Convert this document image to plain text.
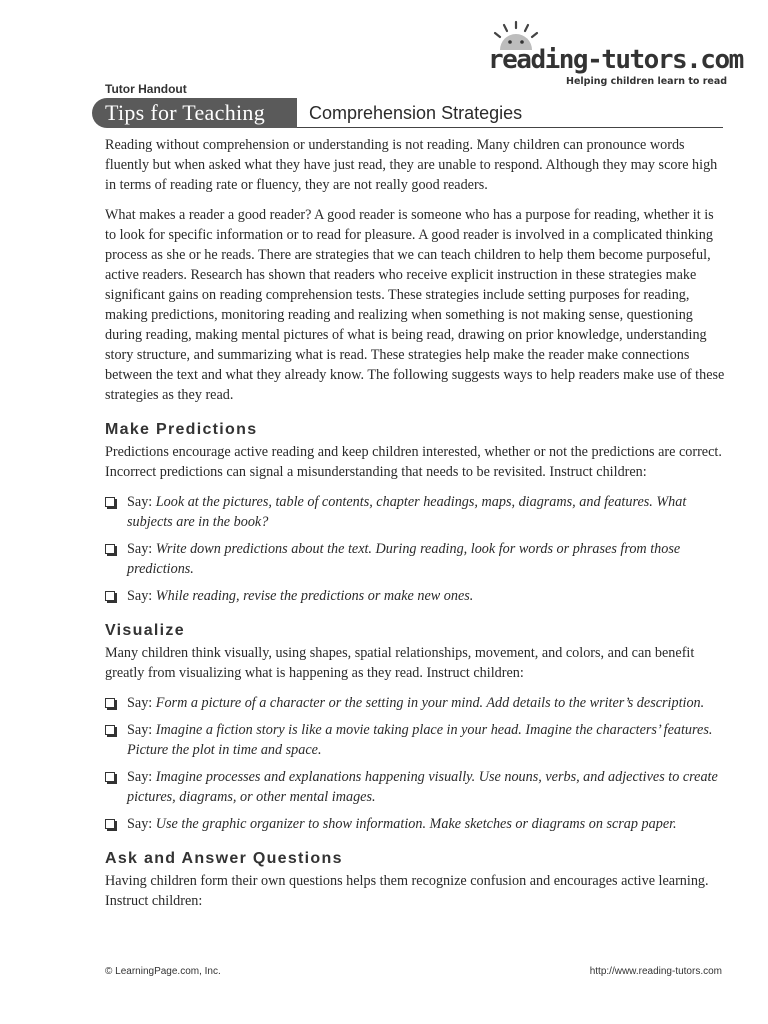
reading-tutors.com
Helping children learn to read
Tutor Handout
Tips for Teaching Comprehension Strategies

Reading without comprehension or understanding is not reading. Many children can pronounce words fluently but when asked what they have just read, they are unable to respond. Although they may score high in terms of reading rate or fluency, they are not really good readers.

What makes a reader a good reader? A good reader is someone who has a purpose for reading, whether it is to look for specific information or to read for pleasure. A good reader is involved in a complicated thinking process as she or he reads. There are strategies that we can teach children to help them become purposeful, active readers. Research has shown that readers who receive explicit instruction in these strategies make significant gains on reading comprehension tests. These strategies include setting purposes for reading, making predictions, monitoring reading and realizing when something is not making sense, questioning during reading, making mental pictures of what is being read, drawing on prior knowledge, understanding story structure, and summarizing what is read. These strategies help make the reader make connections between the text and what they already know. The following suggests ways to help readers make use of these strategies as they read.

Make Predictions

Predictions encourage active reading and keep children interested, whether or not the predictions are correct. Incorrect predictions can signal a misunderstanding that needs to be revisited. Instruct children:

Say: Look at the pictures, table of contents, chapter headings, maps, diagrams, and features. What subjects are in the book?
Say: Write down predictions about the text. During reading, look for words or phrases from those predictions.
Say: While reading, revise the predictions or make new ones.
Visualize

Many children think visually, using shapes, spatial relationships, movement, and colors, and can benefit greatly from visualizing what is happening as they read. Instruct children:

Say: Form a picture of a character or the setting in your mind. Add details to the writer’s description.
Say: Imagine a fiction story is like a movie taking place in your head. Imagine the characters’ features. Picture the plot in time and space.
Say: Imagine processes and explanations happening visually. Use nouns, verbs, and adjectives to create pictures, diagrams, or other mental images.
Say: Use the graphic organizer to show information. Make sketches or diagrams on scrap paper.
Ask and Answer Questions

Having children form their own questions helps them recognize confusion and encourages active learning. Instruct children:

© LearningPage.com, Inc.	http://www.reading-tutors.com
